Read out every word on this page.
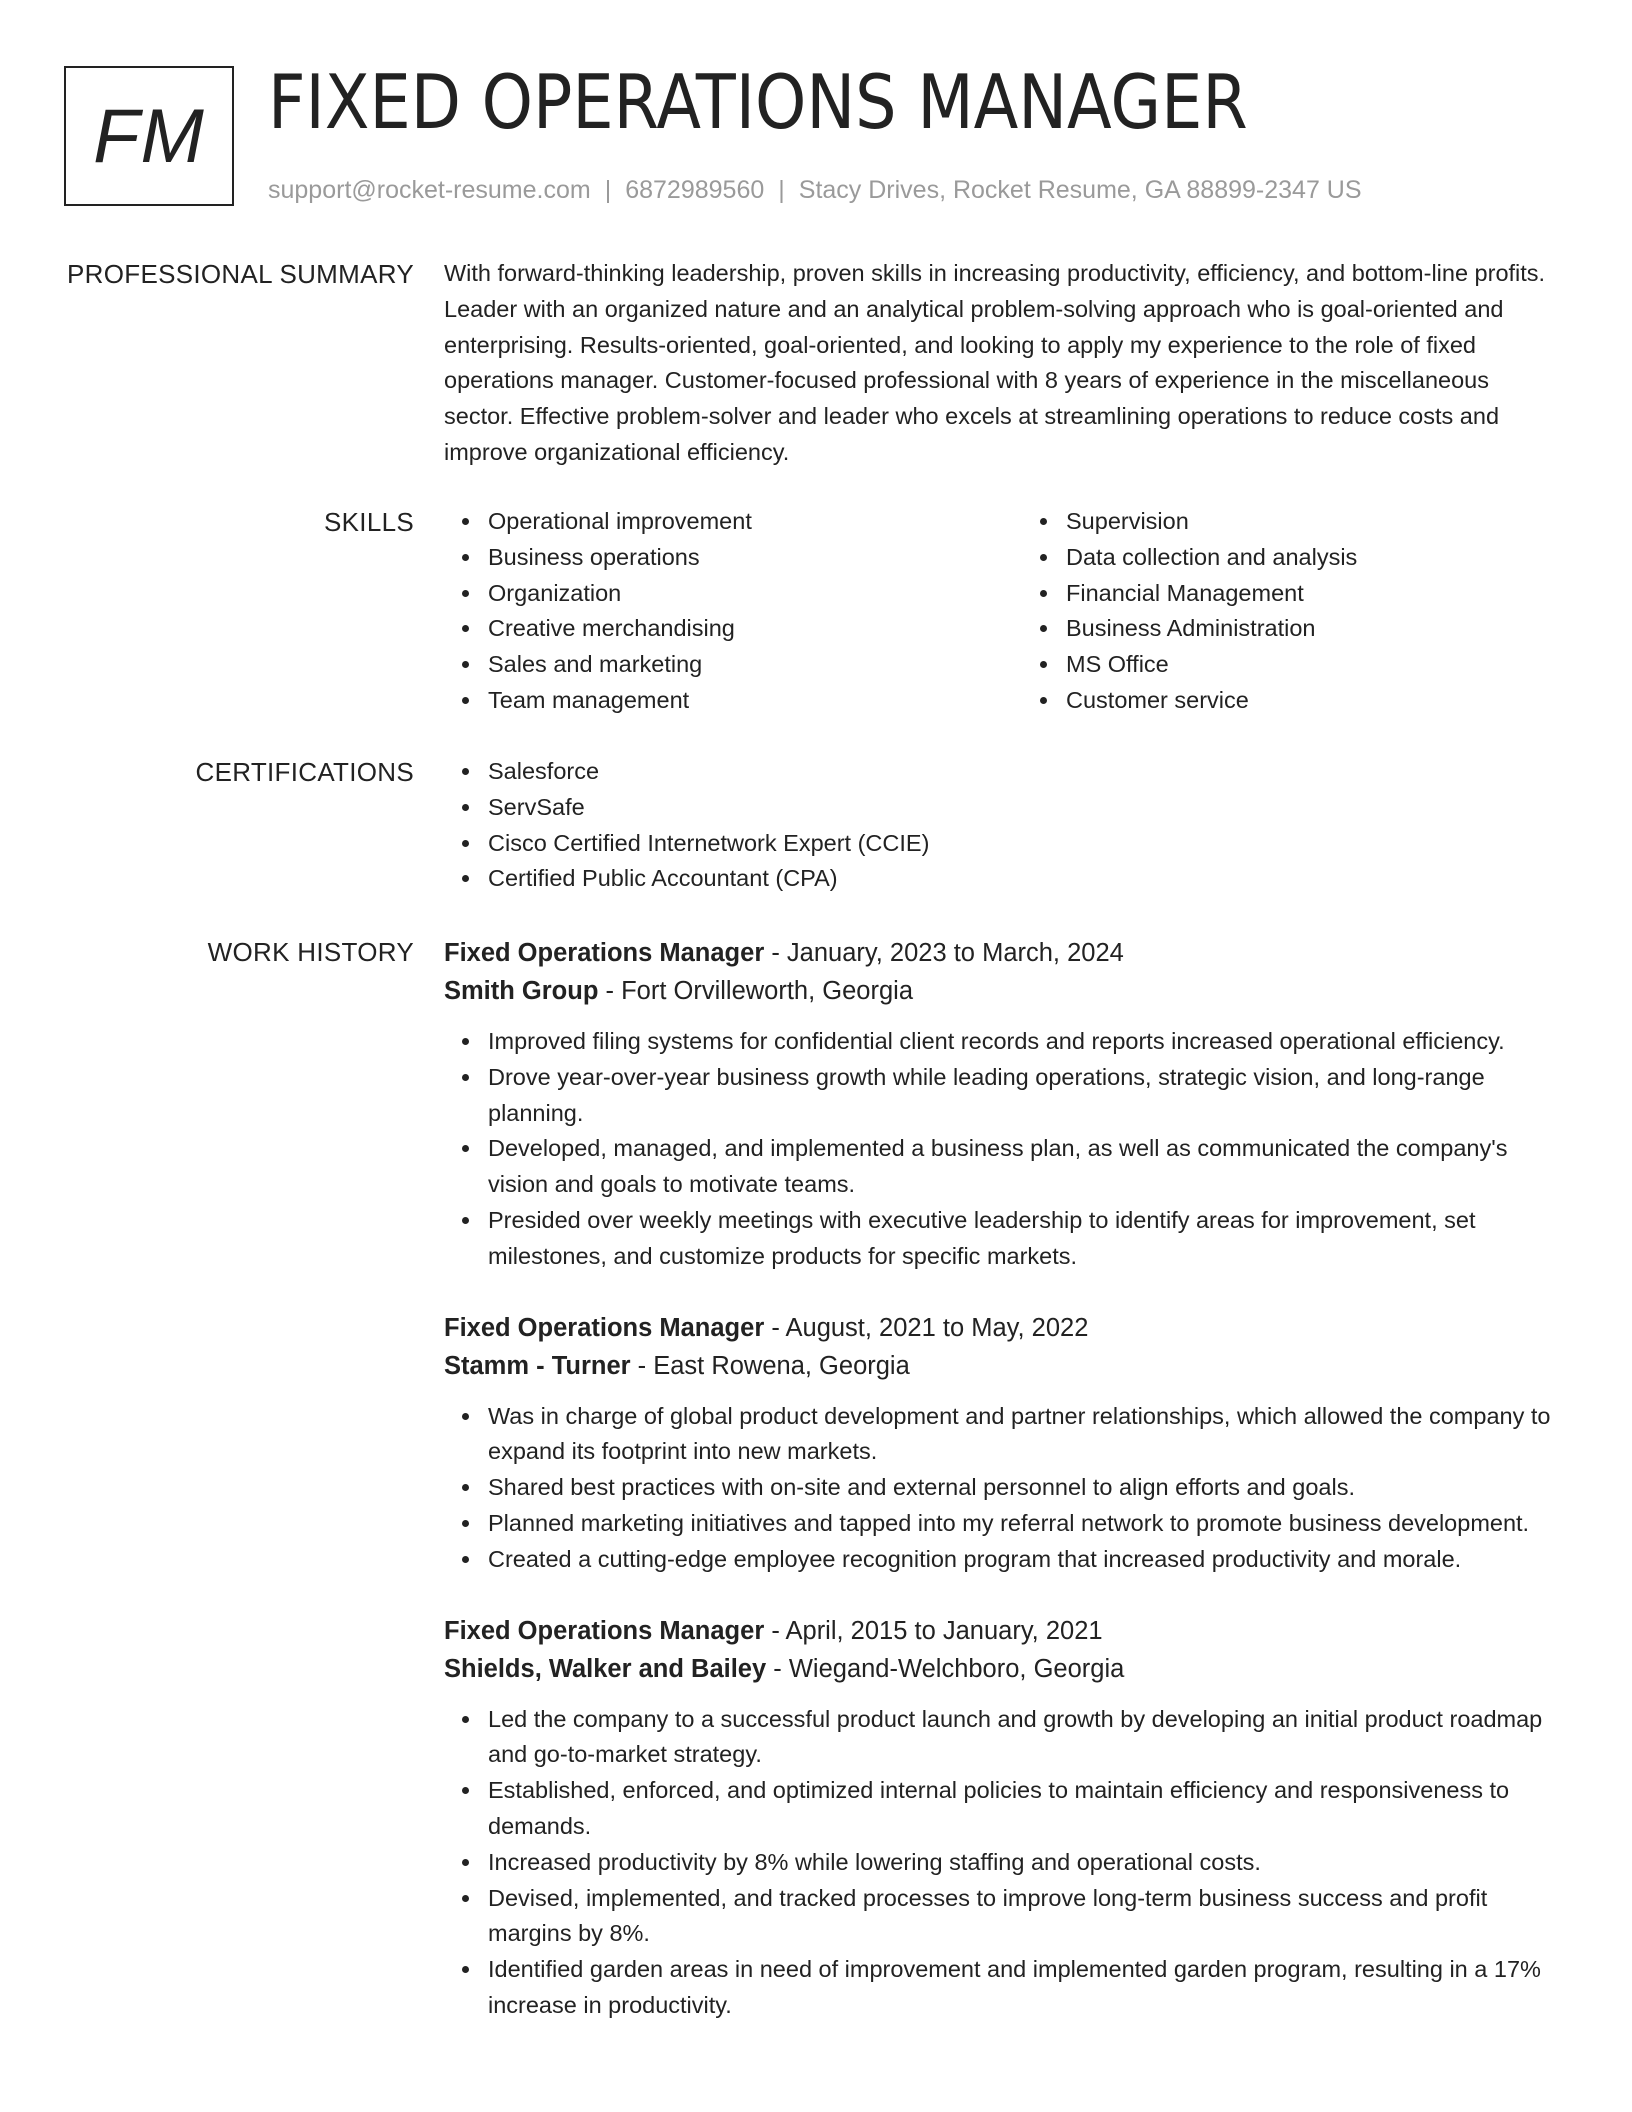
FM FIXED OPERATIONS MANAGER
support@rocket-resume.com | 6872989560 | Stacy Drives, Rocket Resume, GA 88899-2347 US
PROFESSIONAL SUMMARY With forward-thinking leadership, proven skills in increasing productivity, efficiency, and bottom-line profits. Leader with an organized nature and an analytical problem-solving approach who is goal-oriented and enterprising. Results-oriented, goal-oriented, and looking to apply my experience to the role of fixed operations manager. Customer-focused professional with 8 years of experience in the miscellaneous sector. Effective problem-solver and leader who excels at streamlining operations to reduce costs and improve organizational efficiency.

SKILLS	Operational improvement
Business operations
Organization
Creative merchandising
Sales and marketing
Team management
Supervision
Data collection and analysis
Financial Management
Business Administration
MS Office
Customer service
CERTIFICATIONS	Salesforce
ServSafe
Cisco Certified Internetwork Expert (CCIE)
Certified Public Accountant (CPA)
WORK HISTORY Fixed Operations Manager - January, 2023 to March, 2024
Smith Group - Fort Orvilleworth, Georgia
Improved filing systems for confidential client records and reports increased operational efficiency.
Drove year-over-year business growth while leading operations, strategic vision, and long-range planning.
Developed, managed, and implemented a business plan, as well as communicated the company's vision and goals to motivate teams.
Presided over weekly meetings with executive leadership to identify areas for improvement, set milestones, and customize products for specific markets.
Fixed Operations Manager - August, 2021 to May, 2022
Stamm - Turner - East Rowena, Georgia
Was in charge of global product development and partner relationships, which allowed the company to expand its footprint into new markets.
Shared best practices with on-site and external personnel to align efforts and goals.
Planned marketing initiatives and tapped into my referral network to promote business development.
Created a cutting-edge employee recognition program that increased productivity and morale.
Fixed Operations Manager - April, 2015 to January, 2021
Shields, Walker and Bailey - Wiegand-Welchboro, Georgia
Led the company to a successful product launch and growth by developing an initial product roadmap and go-to-market strategy.
Established, enforced, and optimized internal policies to maintain efficiency and responsiveness to demands.
Increased productivity by 8% while lowering staffing and operational costs.
Devised, implemented, and tracked processes to improve long-term business success and profit margins by 8%.
Identified garden areas in need of improvement and implemented garden program, resulting in a 17% increase in productivity.
